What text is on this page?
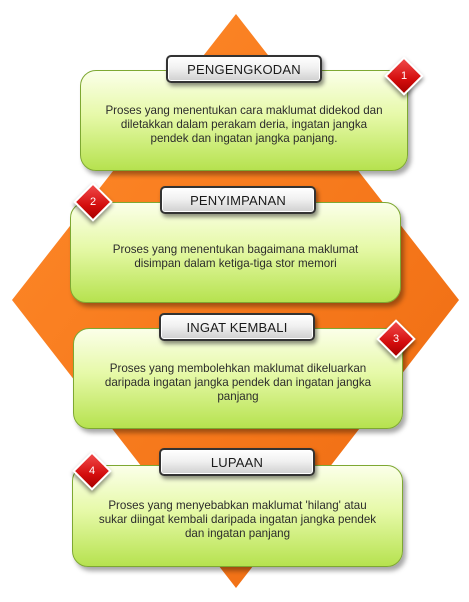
Proses yang menentukan cara maklumat didekod dan
diletakkan dalam perakam deria, ingatan jangka
pendek dan ingatan jangka panjang.
PENGENGKODAN	1
Proses yang menentukan bagaimana maklumat
disimpan dalam ketiga-tiga stor memori
PENYIMPANAN
2
Proses yang membolehkan maklumat dikeluarkan
daripada ingatan jangka pendek dan ingatan jangka
panjang
INGAT KEMBALI
3
Proses yang menyebabkan maklumat 'hilang' atau
sukar diingat kembali daripada ingatan jangka pendek
dan ingatan panjang
LUPAAN
4
